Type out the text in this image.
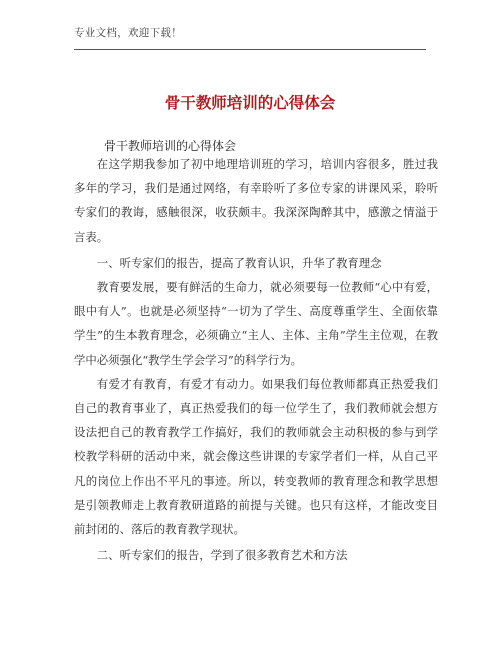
专业文档，欢迎下载！
骨干教师培训的心得体会
骨干教师培训的心得体会

在这学期我参加了初中地理培训班的学习，培训内容很多，胜过我多年的学习，我们是通过网络，有幸聆听了多位专家的讲课风采，聆听专家们的教诲，感触很深，收获颇丰。我深深陶醉其中，感激之情溢于言表。

一、听专家们的报告，提高了教育认识，升华了教育理念

教育要发展，要有鲜活的生命力，就必须要每一位教师“心中有爱，眼中有人”。也就是必须坚持“一切为了学生、高度尊重学生、全面依靠学生”的生本教育理念，必须确立“主人、主体、主角”学生主位观，在教学中必须强化“教学生学会学习”的科学行为。

有爱才有教育，有爱才有动力。如果我们每位教师都真正热爱我们自己的教育事业了，真正热爱我们的每一位学生了，我们教师就会想方设法把自己的教育教学工作搞好，我们的教师就会主动积极的参与到学校教学科研的活动中来，就会像这些讲课的专家学者们一样，从自己平凡的岗位上作出不平凡的事迹。所以，转变教师的教育理念和教学思想是引领教师走上教育教研道路的前提与关键。也只有这样，才能改变目前封闭的、落后的教育教学现状。

二、听专家们的报告，学到了很多教育艺术和方法
